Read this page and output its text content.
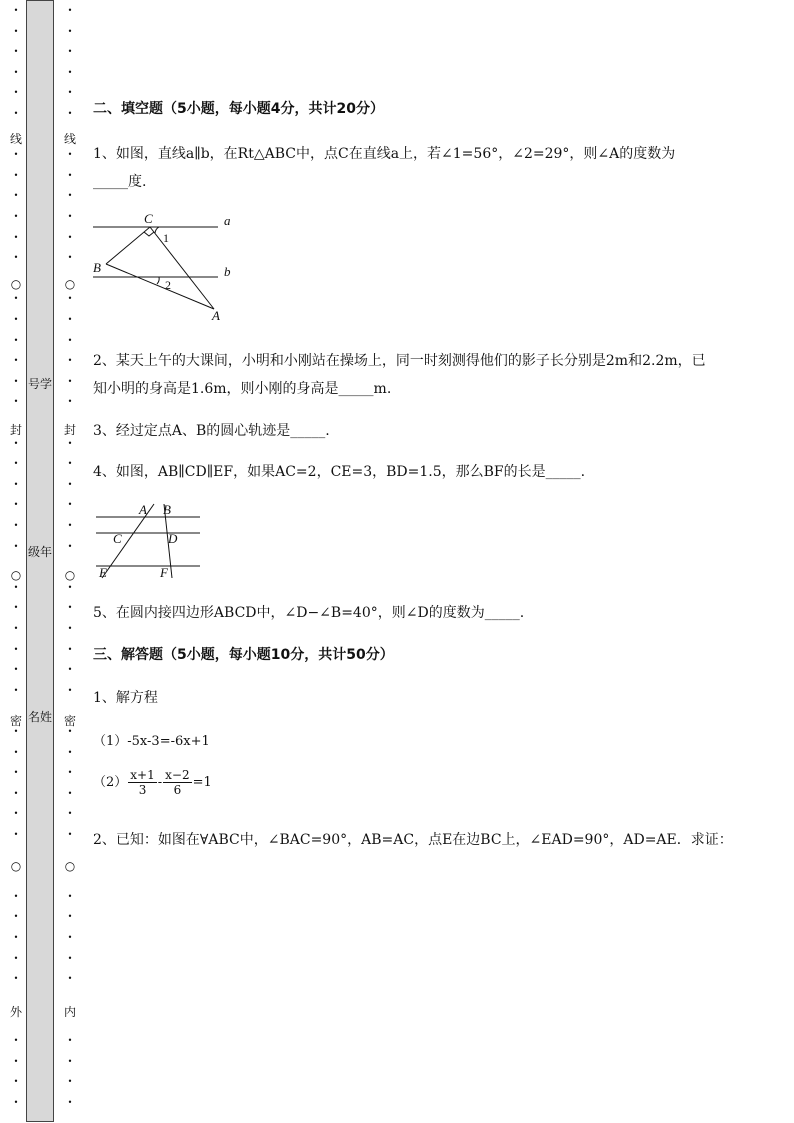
•
•
•
•
•
•
•
•
•
•
•
•
•
•
•
•
•
•
•
•
•
•
•
•
•
•
•
•
•
•
•
•
•
•
•
•
•
•
•
•
•
•
•
•
•
○
○
○
线
封
密
外
•
•
•
•
•
•
•
•
•
•
•
•
•
•
•
•
•
•
•
•
•
•
•
•
•
•
•
•
•
•
•
•
•
•
•
•
•
•
•
•
•
•
•
•
•
○
○
○
线
封
密
内
号学
级年
名姓
二、填空题（5小题，每小题4分，共计20分）
1、如图，直线a∥b，在Rt△ABC中，点C在直线a上，若∠1=56°，∠2=29°，则∠A的度数为
_____度.
C	a
1
B	b
2
A
2、某天上午的大课间，小明和小刚站在操场上，同一时刻测得他们的影子长分别是2m和2.2m，已
知小明的身高是1.6m，则小刚的身高是_____m.
3、经过定点A、B的圆心轨迹是_____.
4、如图，AB∥CD∥EF，如果AC=2，CE=3，BD=1.5，那么BF的长是_____.
A B
C	D
E	F
5、在圆内接四边形ABCD中，∠D−∠B=40°，则∠D的度数为_____.
三、解答题（5小题，每小题10分，共计50分）
1、解方程
（1）-5x-3=-6x+1
$(2) \frac{x+1}{3} - \frac{x-2}{6} =1$
2、已知：如图在∀ABC中，∠BAC=90°，AB=AC，点E在边BC上，∠EAD=90°，AD=AE．求证：
